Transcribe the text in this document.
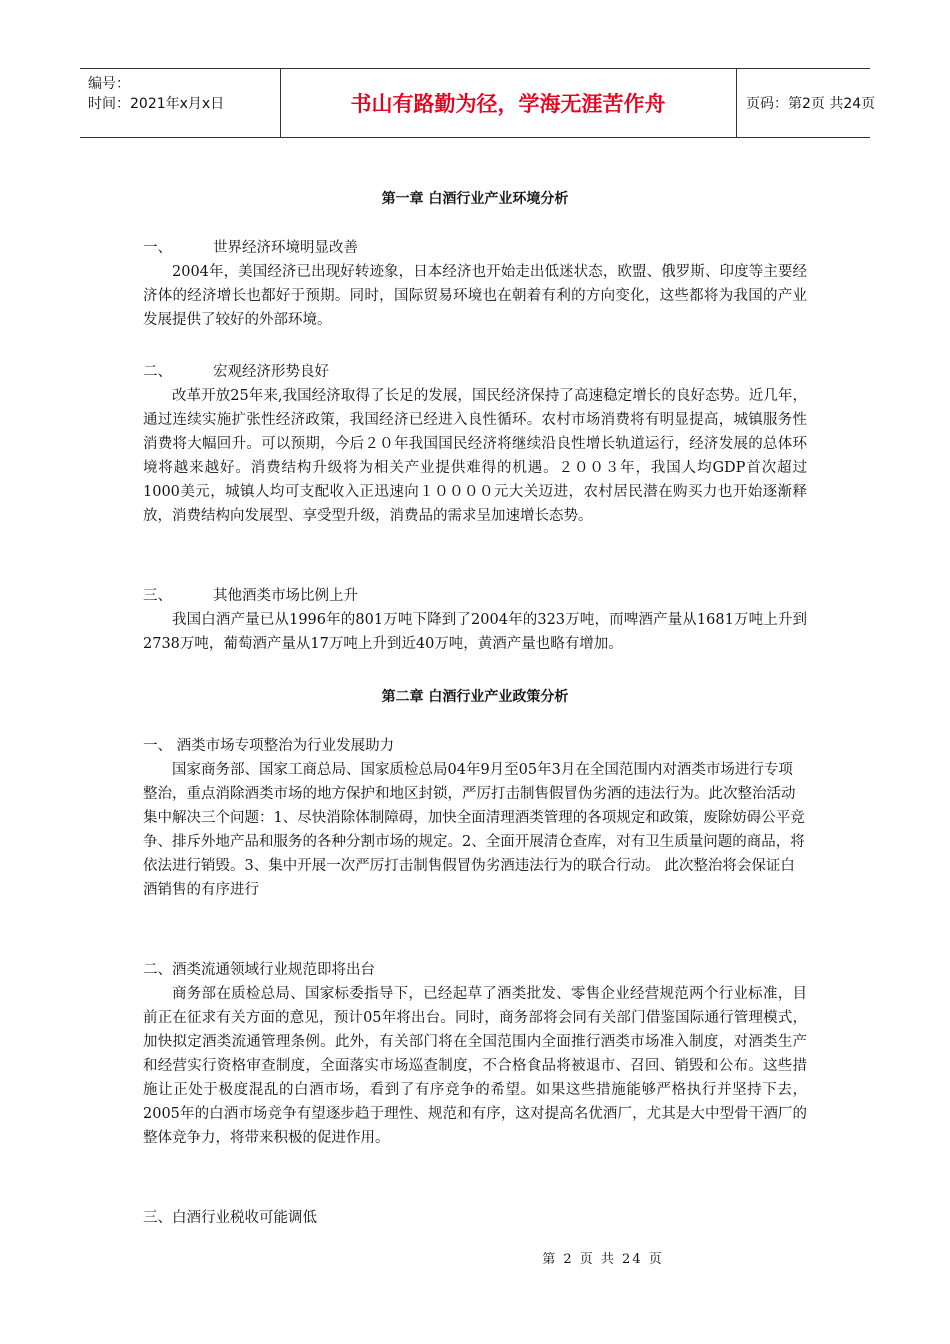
编号：
时间：2021年x月x日	书山有路勤为径，学海无涯苦作舟	页码：第2页 共24页
第一章 白酒行业产业环境分析
一、	世界经济环境明显改善
2004年，美国经济已出现好转迹象，日本经济也开始走出低迷状态，欧盟、俄罗斯、印度等主要经济体的经济增长也都好于预期。同时，国际贸易环境也在朝着有利的方向变化，这些都将为我国的产业发展提供了较好的外部环境。
二、	宏观经济形势良好
改革开放25年来,我国经济取得了长足的发展，国民经济保持了高速稳定增长的良好态势。近几年，通过连续实施扩张性经济政策，我国经济已经进入良性循环。农村市场消费将有明显提高，城镇服务性消费将大幅回升。可以预期，今后２０年我国国民经济将继续沿良性增长轨道运行，经济发展的总体环境将越来越好。消费结构升级将为相关产业提供难得的机遇。２００３年，我国人均GDP首次超过1000美元，城镇人均可支配收入正迅速向１００００元大关迈进，农村居民潜在购买力也开始逐渐释放，消费结构向发展型、享受型升级，消费品的需求呈加速增长态势。
三、	其他酒类市场比例上升
我国白酒产量已从1996年的801万吨下降到了2004年的323万吨，而啤酒产量从1681万吨上升到2738万吨，葡萄酒产量从17万吨上升到近40万吨，黄酒产量也略有增加。
第二章 白酒行业产业政策分析
一、 酒类市场专项整治为行业发展助力
国家商务部、国家工商总局、国家质检总局04年9月至05年3月在全国范围内对酒类市场进行专项整治，重点消除酒类市场的地方保护和地区封锁，严厉打击制售假冒伪劣酒的违法行为。此次整治活动集中解决三个问题：1、尽快消除体制障碍，加快全面清理酒类管理的各项规定和政策，废除妨碍公平竞争、排斥外地产品和服务的各种分割市场的规定。2、全面开展清仓查库，对有卫生质量问题的商品，将依法进行销毁。3、集中开展一次严厉打击制售假冒伪劣酒违法行为的联合行动。 此次整治将会保证白酒销售的有序进行
二、酒类流通领域行业规范即将出台
商务部在质检总局、国家标委指导下，已经起草了酒类批发、零售企业经营规范两个行业标准，目前正在征求有关方面的意见，预计05年将出台。同时，商务部将会同有关部门借鉴国际通行管理模式，加快拟定酒类流通管理条例。此外，有关部门将在全国范围内全面推行酒类市场准入制度，对酒类生产和经营实行资格审查制度，全面落实市场巡查制度，不合格食品将被退市、召回、销毁和公布。这些措施让正处于极度混乱的白酒市场，看到了有序竞争的希望。如果这些措施能够严格执行并坚持下去，2005年的白酒市场竞争有望逐步趋于理性、规范和有序，这对提高名优酒厂，尤其是大中型骨干酒厂的整体竞争力，将带来积极的促进作用。
三、白酒行业税收可能调低
第 2 页 共 24 页
